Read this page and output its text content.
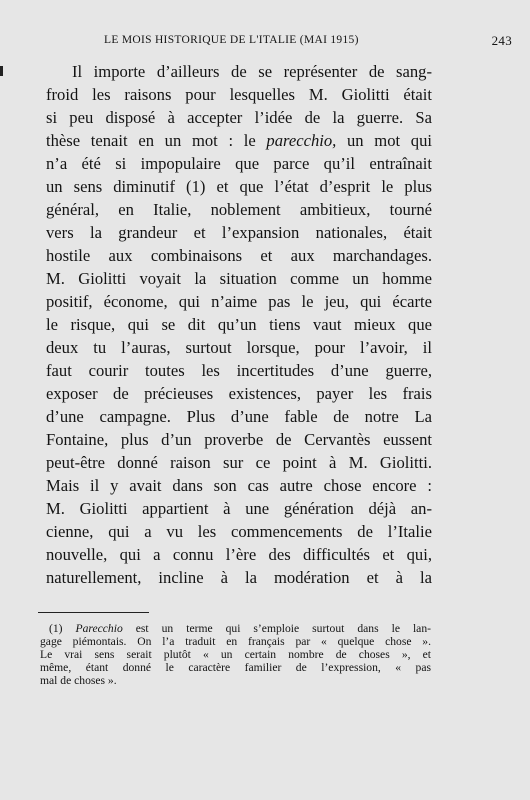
LE MOIS HISTORIQUE DE L'ITALIE (MAI 1915)	243
Il importe d’ailleurs de se représenter de sang-
froid les raisons pour lesquelles M. Giolitti était
si peu disposé à accepter l’idée de la guerre. Sa
thèse tenait en un mot : le parecchio, un mot qui
n’a été si impopulaire que parce qu’il entraînait
un sens diminutif (1) et que l’état d’esprit le plus
général, en Italie, noblement ambitieux, tourné
vers la grandeur et l’expansion nationales, était
hostile aux combinaisons et aux marchandages.
M. Giolitti voyait la situation comme un homme
positif, économe, qui n’aime pas le jeu, qui écarte
le risque, qui se dit qu’un tiens vaut mieux que
deux tu l’auras, surtout lorsque, pour l’avoir, il
faut courir toutes les incertitudes d’une guerre,
exposer de précieuses existences, payer les frais
d’une campagne. Plus d’une fable de notre La
Fontaine, plus d’un proverbe de Cervantès eussent
peut-être donné raison sur ce point à M. Giolitti.
Mais il y avait dans son cas autre chose encore :
M. Giolitti appartient à une génération déjà an-
cienne, qui a vu les commencements de l’Italie
nouvelle, qui a connu l’ère des difficultés et qui,
naturellement, incline à la modération et à la
(1) Parecchio est un terme qui s’emploie surtout dans le lan-
gage piémontais. On l’a traduit en français par « quelque chose ».
Le vrai sens serait plutôt « un certain nombre de choses », et
même, étant donné le caractère familier de l’expression, « pas
mal de choses ».
